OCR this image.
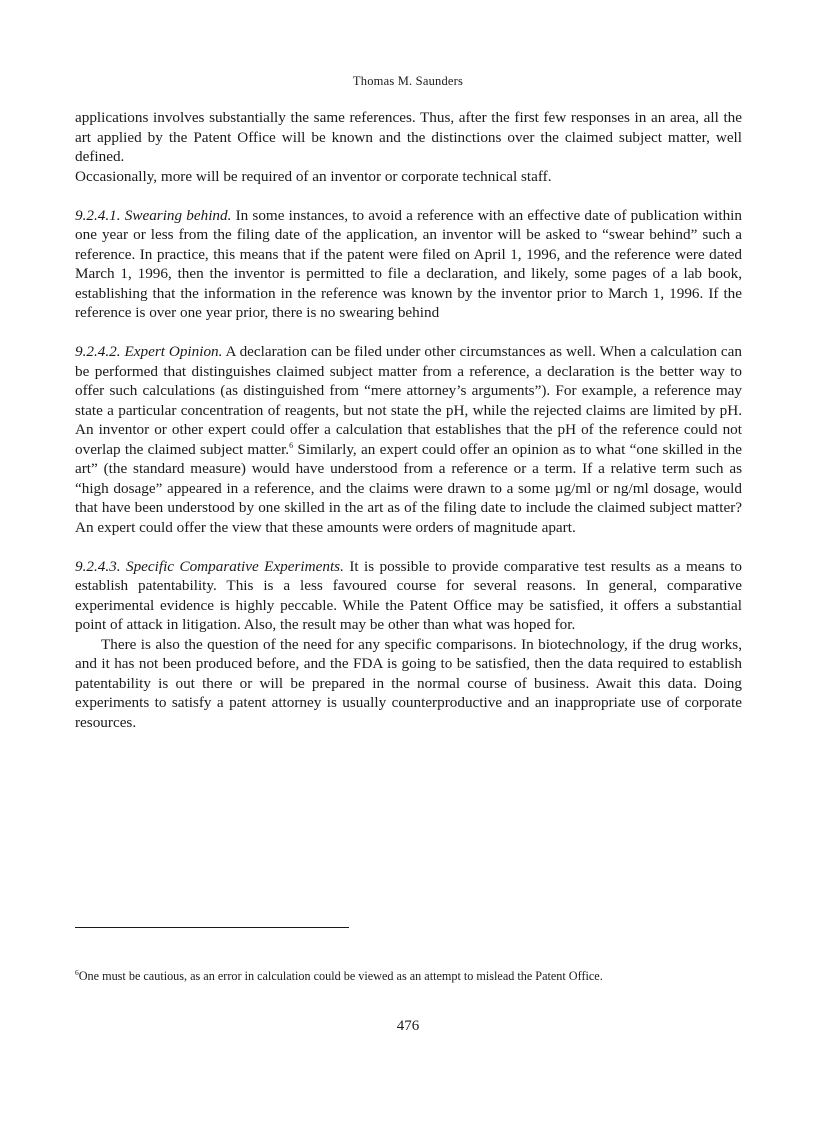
Thomas M. Saunders

applications involves substantially the same references. Thus, after the first few responses in an area, all the art applied by the Patent Office will be known and the distinctions over the claimed subject matter, well defined.

Occasionally, more will be required of an inventor or corporate technical staff.

9.2.4.1. Swearing behind. In some instances, to avoid a reference with an effective date of publication within one year or less from the filing date of the application, an inventor will be asked to “swear behind” such a reference. In practice, this means that if the patent were filed on April 1, 1996, and the reference were dated March 1, 1996, then the inventor is permitted to file a declaration, and likely, some pages of a lab book, establishing that the information in the reference was known by the inventor prior to March 1, 1996. If the reference is over one year prior, there is no swearing behind

9.2.4.2. Expert Opinion. A declaration can be filed under other circumstances as well. When a calculation can be performed that distinguishes claimed subject matter from a reference, a declaration is the better way to offer such calculations (as distinguished from “mere attorney’s arguments”). For example, a reference may state a particular concentration of reagents, but not state the pH, while the rejected claims are limited by pH. An inventor or other expert could offer a calculation that establishes that the pH of the reference could not overlap the claimed subject matter.$^6$ Similarly, an expert could offer an opinion as to what “one skilled in the art” (the standard measure) would have understood from a reference or a term. If a relative term such as “high dosage” appeared in a reference, and the claims were drawn to a some µg/ml or ng/ml dosage, would that have been understood by one skilled in the art as of the filing date to include the claimed subject matter? An expert could offer the view that these amounts were orders of magnitude apart.

9.2.4.3. Specific Comparative Experiments. It is possible to provide comparative test results as a means to establish patentability. This is a less favoured course for several reasons. In general, comparative experimental evidence is highly peccable. While the Patent Office may be satisfied, it offers a substantial point of attack in litigation. Also, the result may be other than what was hoped for.

There is also the question of the need for any specific comparisons. In biotechnology, if the drug works, and it has not been produced before, and the FDA is going to be satisfied, then the data required to establish patentability is out there or will be prepared in the normal course of business. Await this data. Doing experiments to satisfy a patent attorney is usually counterproductive and an inappropriate use of corporate resources.

$^6$One must be cautious, as an error in calculation could be viewed as an attempt to mislead the Patent Office.
476
